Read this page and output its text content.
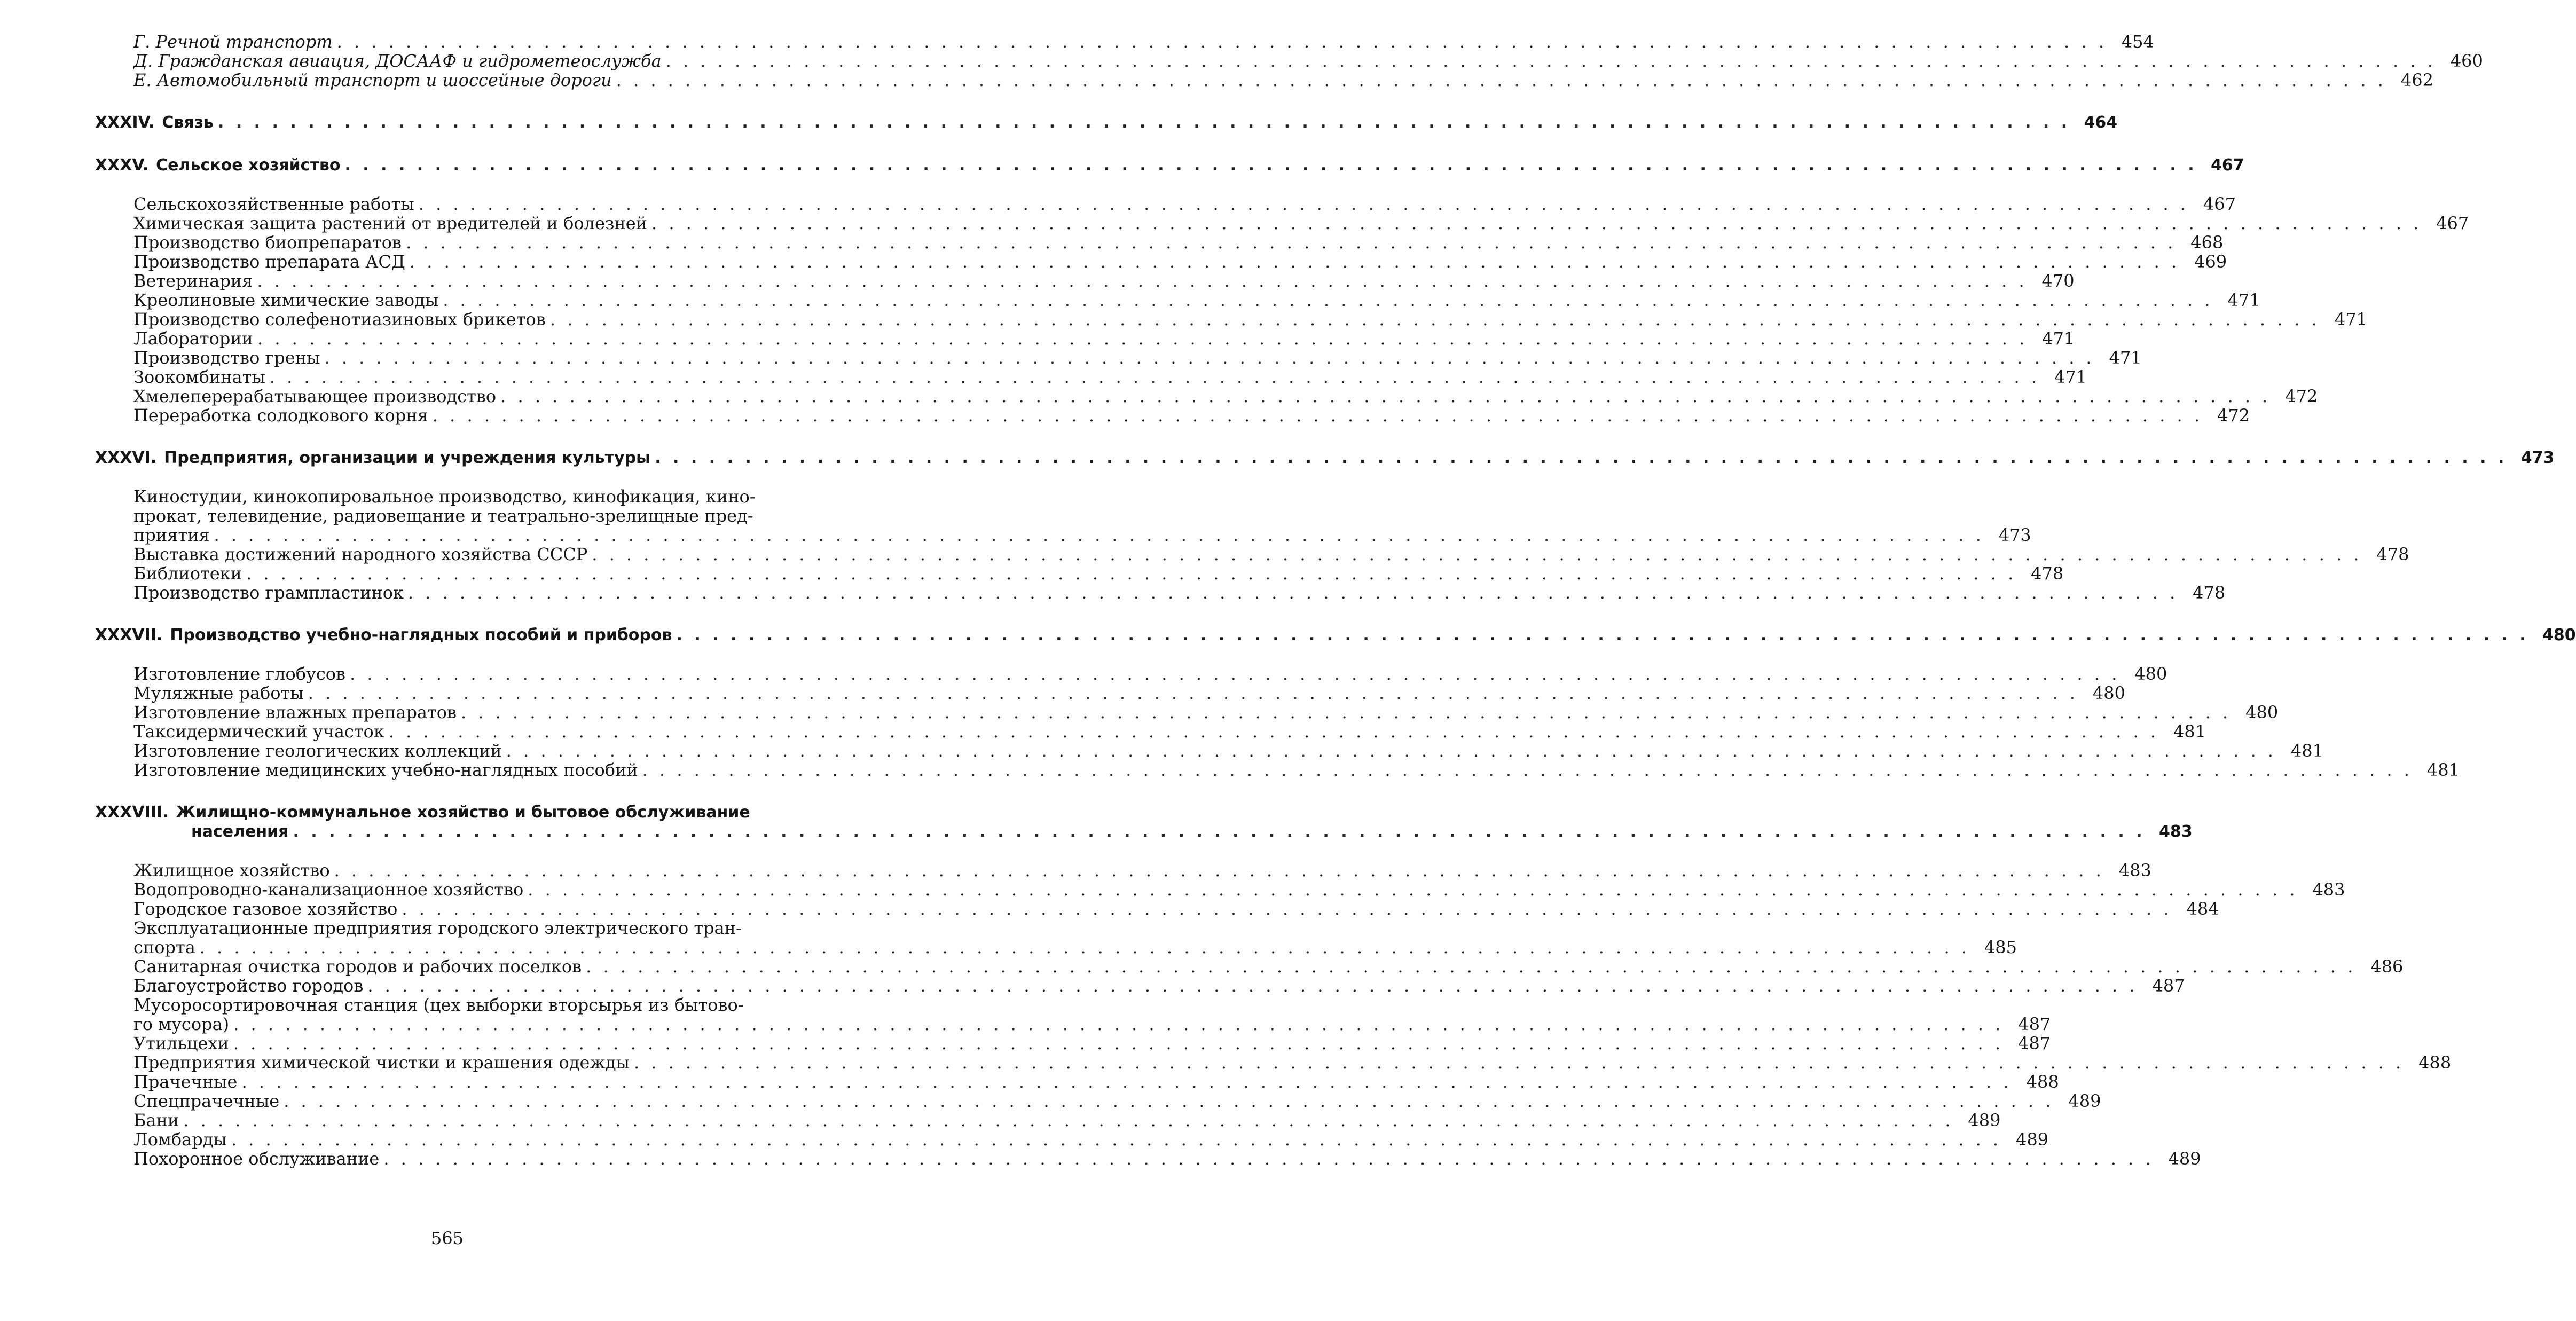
Г. Речной транспорт . . .	454
Д. Гражданская авиация, ДОСААФ и гидрометеослужба . . .	460
Е. Автомобильный транспорт и шоссейные дороги . . .	462
XXXIV. Связь . . .	464
XXXV. Сельское хозяйство . . .	467
Сельскохозяйственные работы . . .	467
Химическая защита растений от вредителей и болезней . . .	467
Производство биопрепаратов . . .	468
Производство препарата АСД . . .	469
Ветеринария . . .	470
Креолиновые химические заводы . . .	471
Производство солефенотиазиновых брикетов . . .	471
Лаборатории . . .	471
Производство грены . . .	471
Зоокомбинаты . . .	471
Хмелеперерабатывающее производство . . .	472
Переработка солодкового корня . . .	472
XXXVI. Предприятия, организации и учреждения культуры . . .	473
Киностудии, кинокопировальное производство, кинофикация, кино-
прокат, телевидение, радиовещание и театрально-зрелищные пред-
приятия . . .	473
Выставка достижений народного хозяйства СССР . . .	478
Библиотеки . . .	478
Производство грампластинок . . .	478
XXXVII. Производство учебно-наглядных пособий и приборов . . .	480
Изготовление глобусов . . .	480
Муляжные работы . . .	480
Изготовление влажных препаратов . . .	480
Таксидермический участок . . .	481
Изготовление геологических коллекций . . .	481
Изготовление медицинских учебно-наглядных пособий . . .	481
XXXVIII. Жилищно-коммунальное хозяйство и бытовое обслуживание
населения . . .	483
Жилищное хозяйство . . .	483
Водопроводно-канализационное хозяйство . . .	483
Городское газовое хозяйство . . .	484
Эксплуатационные предприятия городского электрического тран-
спорта . . .	485
Санитарная очистка городов и рабочих поселков . . .	486
Благоустройство городов . . .	487
Мусоросортировочная станция (цех выборки вторсырья из бытово-
го мусора) . . .	487
Утильцехи . . .	487
Предприятия химической чистки и крашения одежды . . .	488
Прачечные . . .	488
Спецпрачечные . . .	489
Бани . . .	489
Ломбарды . . .	489
Похоронное обслуживание . . .	489
565
